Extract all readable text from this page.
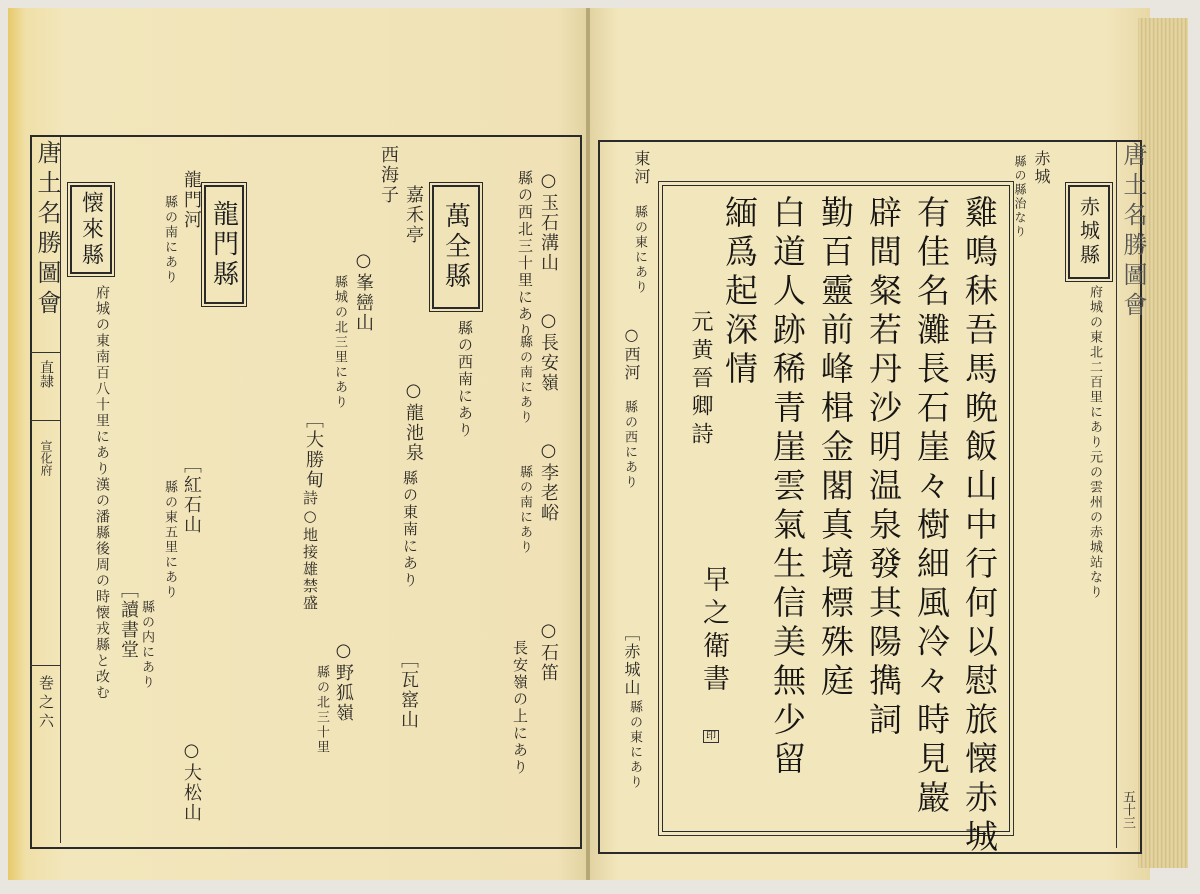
唐土名勝圖會
直隷
宣化府
巻之六
萬全縣
龍門縣
懐來縣	○玉石溝山
縣の西北三十里にあり
○長安嶺
縣の南にあり
○李老峪
縣の南にあり
○石笛
長安嶺の上にあり
嘉禾亭
西海子
縣の西南にあり
○峯巒山
縣城の北三里にあり
○龍池泉
縣の東南にあり
○野狐嶺
縣の北三十里	［瓦窰山
［大勝甸
詩○地接雄禁盛
龍門河
縣の南にあり
［紅石山
縣の東五里にあり
［讀書堂 縣の内にあり
○大松山
府城の東南百八十里にあり漢の潘縣後周の時懐戎縣と改む
唐土名勝圖會
五十三
赤城縣
府城の東北二百里にあり元の雲州の赤城站なり
赤城
縣の縣治なり
東河
縣の東にあり
○西河
縣の西にあり
［赤城山
縣の東にあり	雞鳴秣吾馬晩飯山中行何以慰旅懐赤城
有佳名灘長石崖々樹細風冷々時見巖
辟間粲若丹沙明温泉發其陽擕詞
勤百靈前峰楫金閣真境標殊庭
白道人跡稀青崖雲氣生信美無少留
緬爲起深情
元黄晉卿詩
早之衛書
印
